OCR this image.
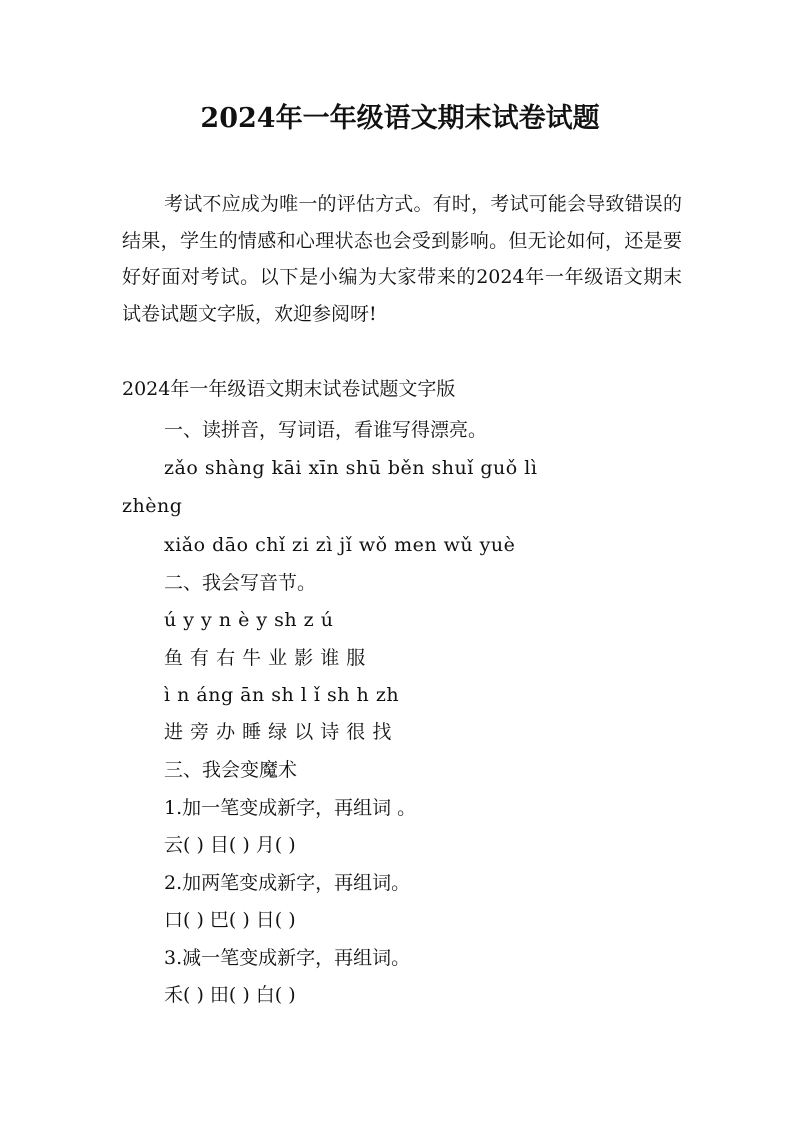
2024年一年级语文期末试卷试题

考试不应成为唯一的评估方式。有时，考试可能会导致错误的结果，学生的情感和心理状态也会受到影响。但无论如何，还是要好好面对考试。以下是小编为大家带来的2024年一年级语文期末试卷试题文字版，欢迎参阅呀!

2024年一年级语文期末试卷试题文字版
一、读拼音，写词语，看谁写得漂亮。
zǎo shàng kāi xīn shū běn shuǐ guǒ lì
zhèng
xiǎo dāo chǐ zi zì jǐ wǒ men wǔ yuè
二、我会写音节。
ú y y n è y sh z ú
鱼 有 右 牛 业 影 谁 服
ì n áng ān sh l ǐ sh h zh
进 旁 办 睡 绿 以 诗 很 找
三、我会变魔术
1.加一笔变成新字，再组词 。
云( ) 目( ) 月( )
2.加两笔变成新字，再组词。
口( ) 巴( ) 日( )
3.减一笔变成新字，再组词。
禾( ) 田( ) 白( )
